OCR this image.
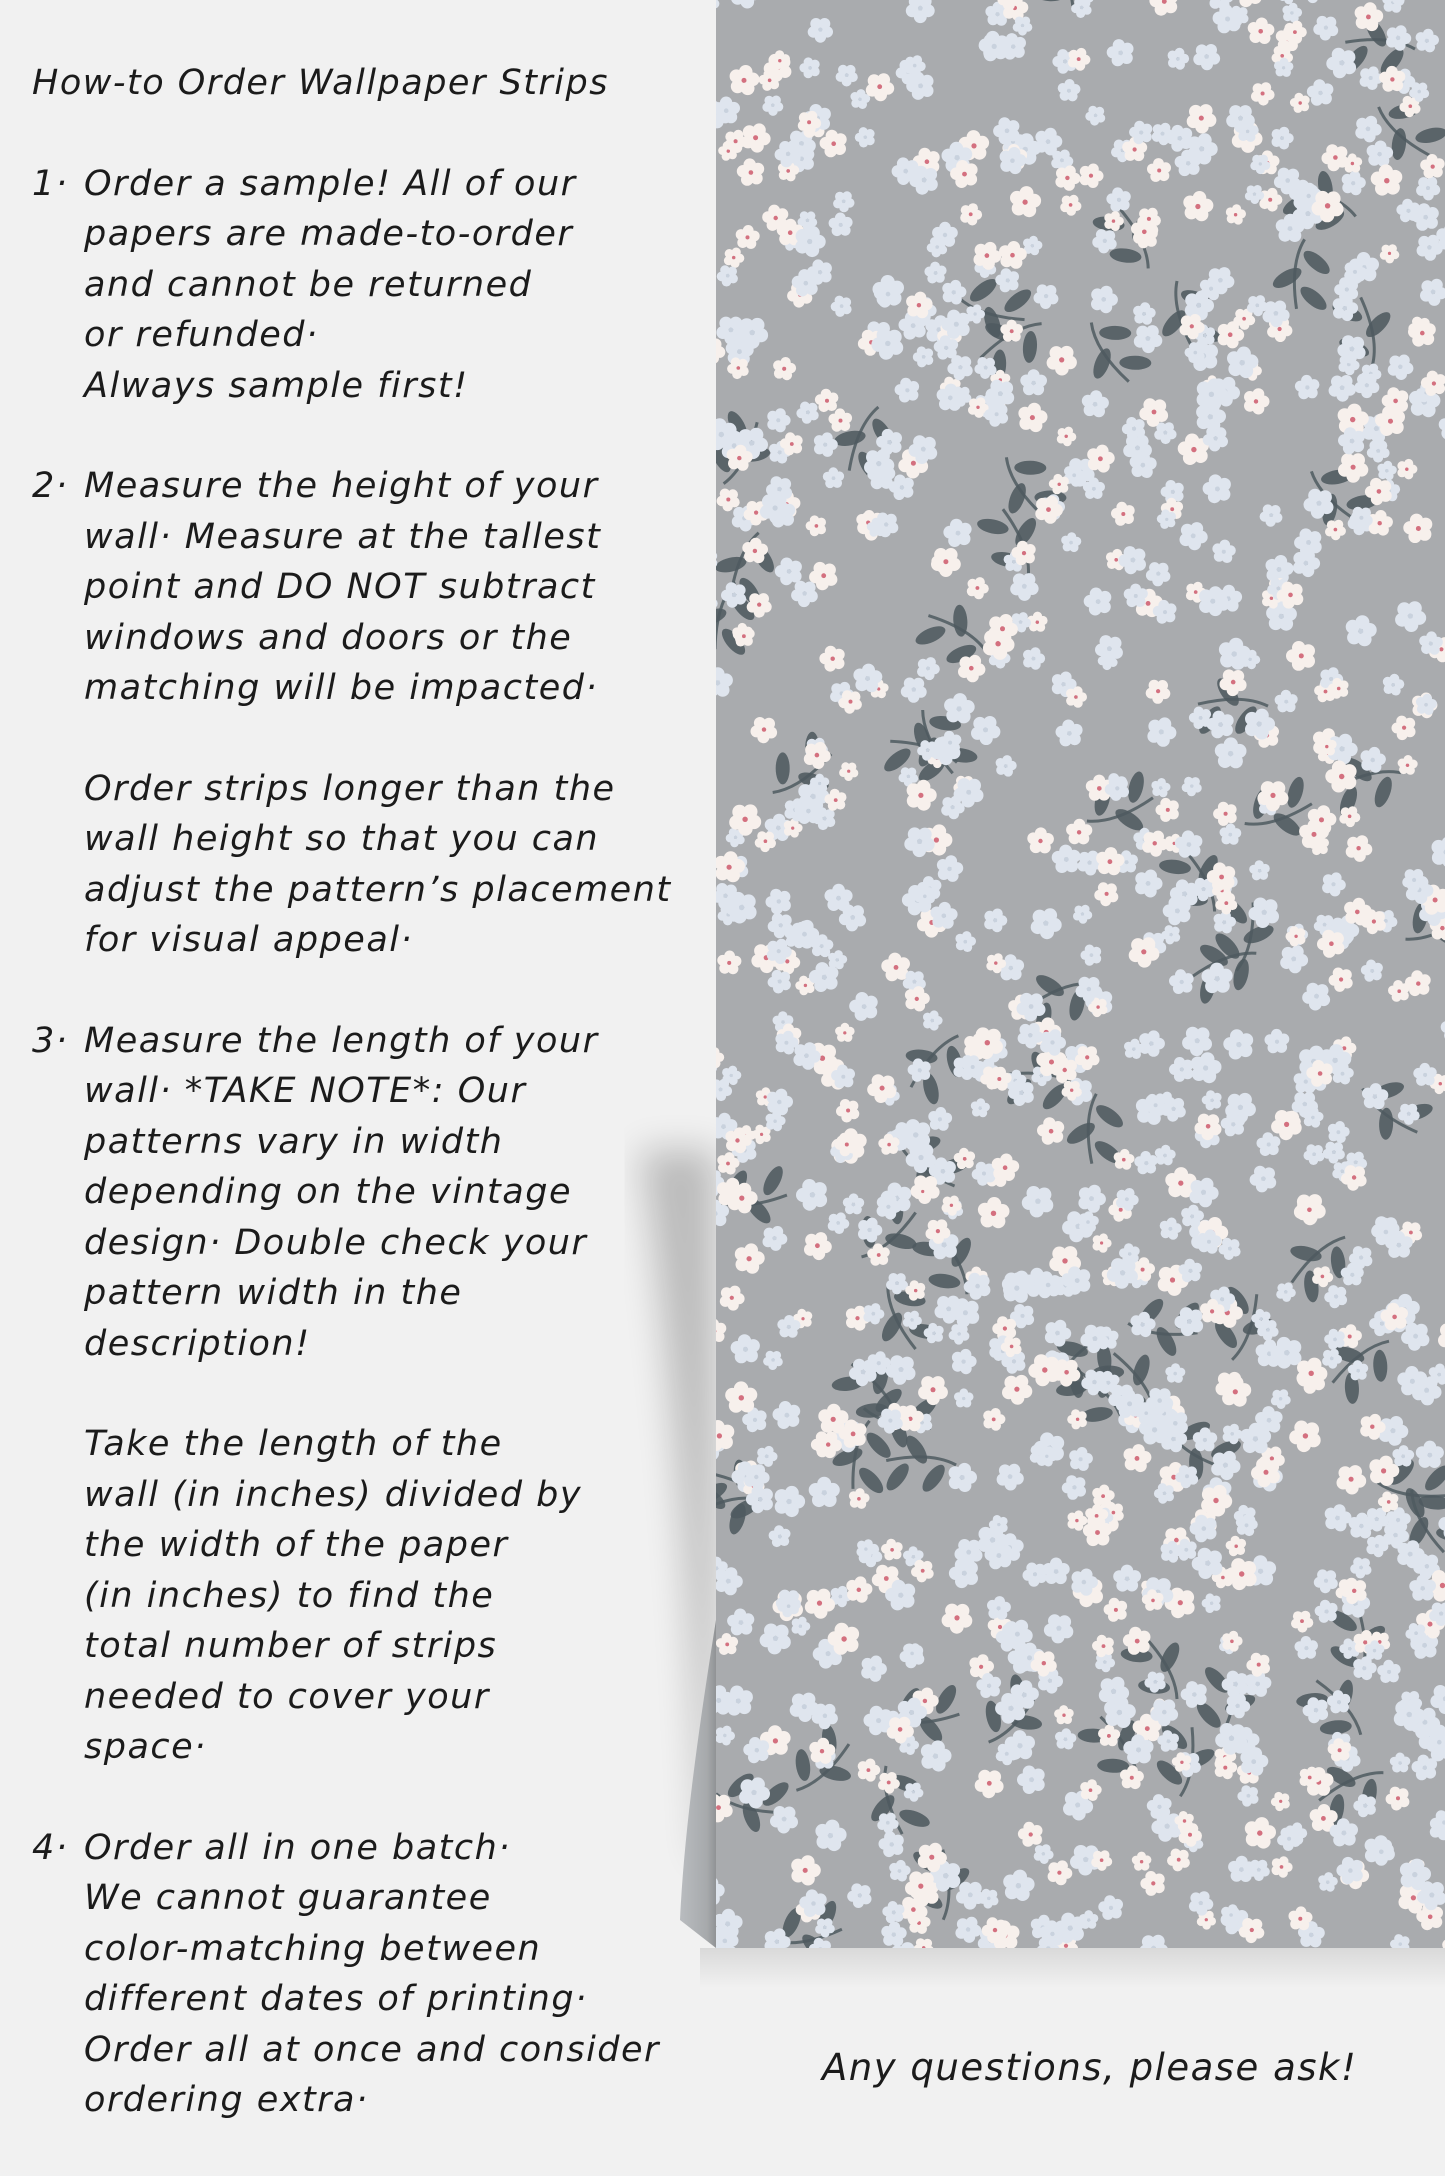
How-to Order Wallpaper Strips
1· Order a sample! All of our
papers are made-to-order
and cannot be returned
or refunded·
Always sample first!
2· Measure the height of your
wall· Measure at the tallest
point and DO NOT subtract
windows and doors or the
matching will be impacted·
Order strips longer than the
wall height so that you can
adjust the pattern’s placement
for visual appeal·
3· Measure the length of your
wall· *TAKE NOTE*: Our
patterns vary in width
depending on the vintage
design· Double check your
pattern width in the
description!
Take the length of the
wall (in inches) divided by
the width of the paper
(in inches) to find the
total number of strips
needed to cover your
space·
4· Order all in one batch·
We cannot guarantee
color-matching between
different dates of printing·
Order all at once and consider
ordering extra·
Any questions, please ask!
